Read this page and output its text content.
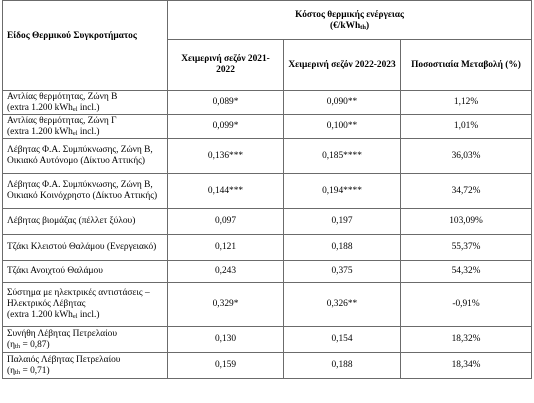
Είδος Θερμικού Συγκροτήματος	Κόστος θερμικής ενέργειας
(€/kWh$_{th}$)		
	Χειμερινή σεζόν 2021-2022	Χειμερινή σεζόν 2022-2023	Ποσοστιαία Μεταβολή (%)
Αντλίας θερμότητας, Ζώνη Β
(extra 1.200 kWh$_{el}$ incl.)	0,089*	0,090**	1,12%
Αντλίας θερμότητας, Ζώνη Γ
(extra 1.200 kWh$_{el}$ incl.)	0,099*	0,100**	1,01%
Λέβητας Φ.Α. Συμπύκνωσης, Ζώνη Β, Οικιακό Αυτόνομο (Δίκτυο Αττικής)	0,136***	0,185****	36,03%
Λέβητας Φ.Α. Συμπύκνωσης, Ζώνη Β, Οικιακό Κοινόχρηστο (Δίκτυο Αττικής)	0,144***	0,194****	34,72%
Λέβητας βιομάζας (πέλλετ ξύλου)	0,097	0,197	103,09%
Τζάκι Κλειστού Θαλάμου (Ενεργειακό)	0,121	0,188	55,37%
Τζάκι Ανοιχτού Θαλάμου	0,243	0,375	54,32%
Σύστημα με ηλεκτρικές αντιστάσεις – Ηλεκτρικός Λέβητας
(extra 1.200 kWh$_{el}$ incl.)	0,329*	0,326**	-0,91%
Συνήθη Λέβητας Πετρελαίου
$(\eta_{th} = 0,87)$	0,130	0,154	18,32%
Παλαιός Λέβητας Πετρελαίου
$(\eta_{th} = 0,71)$	0,159	0,188	18,34%
